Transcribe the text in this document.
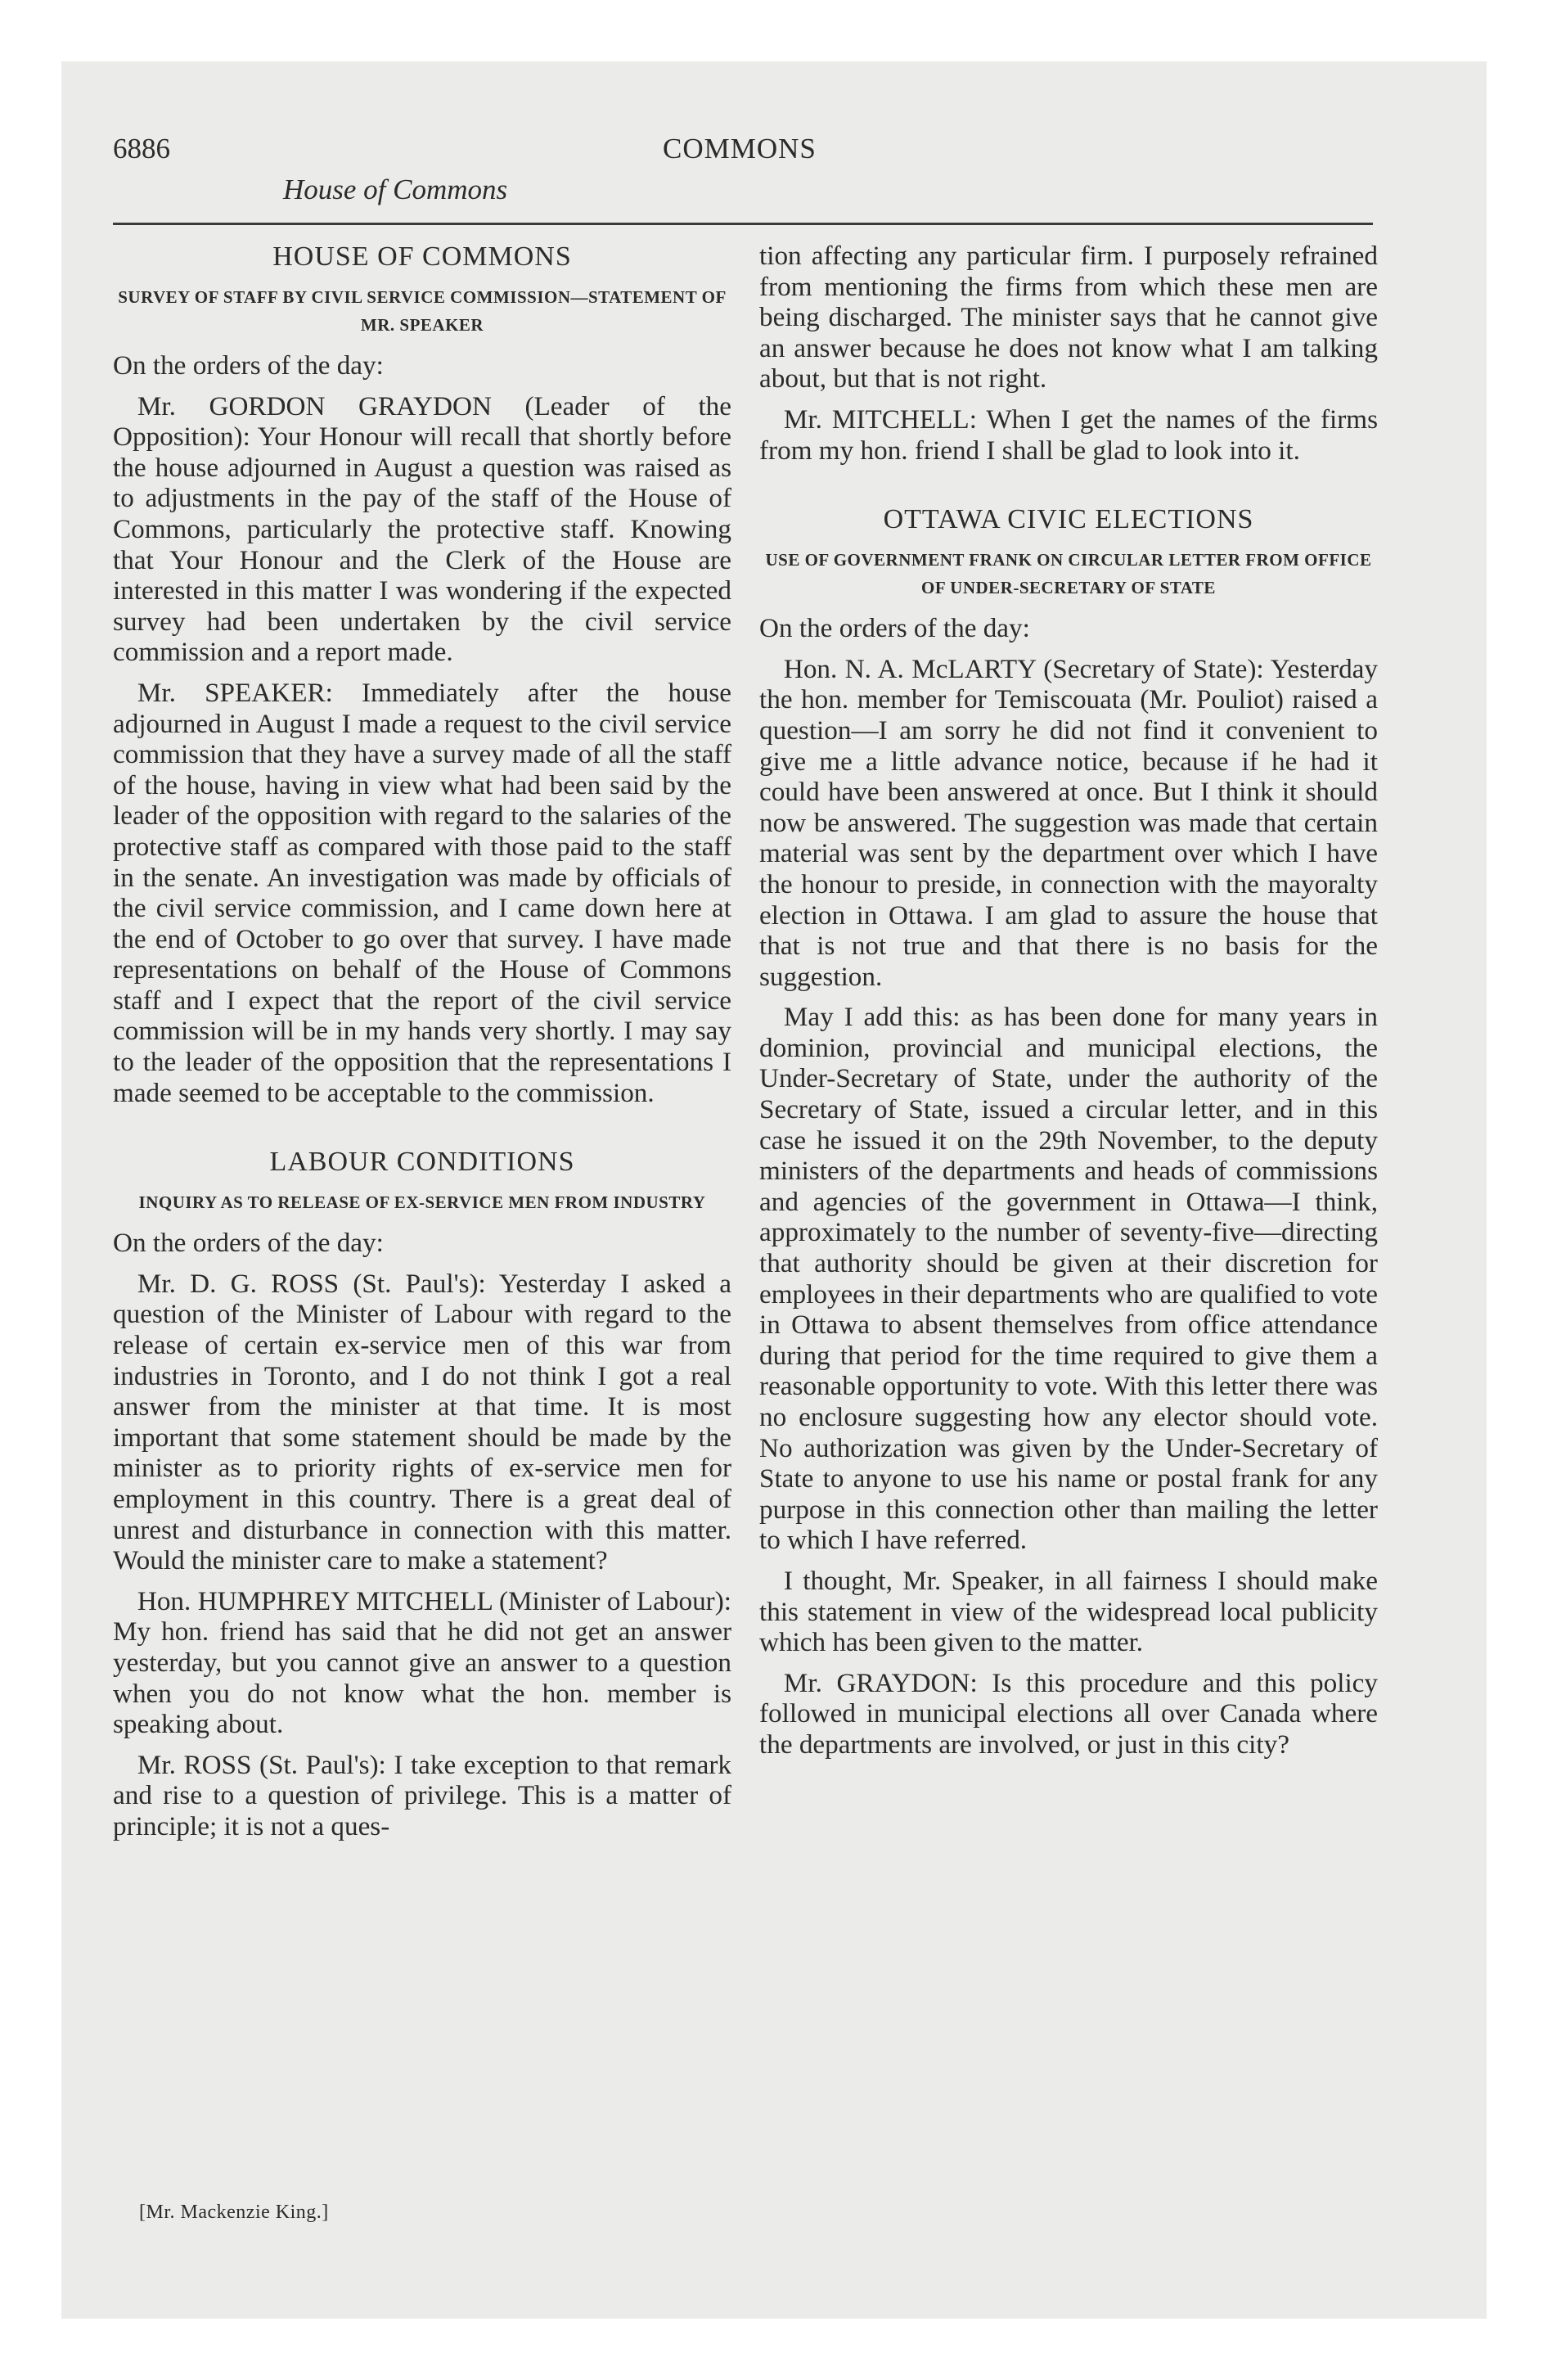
6886
House of Commons
COMMONS
HOUSE OF COMMONS
SURVEY OF STAFF BY CIVIL SERVICE COMMISSION—STATEMENT OF MR. SPEAKER

On the orders of the day:

Mr. GORDON GRAYDON (Leader of the Opposition): Your Honour will recall that shortly before the house adjourned in August a question was raised as to adjustments in the pay of the staff of the House of Commons, particularly the protective staff. Knowing that Your Honour and the Clerk of the House are interested in this matter I was wondering if the expected survey had been undertaken by the civil service commission and a report made.

Mr. SPEAKER: Immediately after the house adjourned in August I made a request to the civil service commission that they have a survey made of all the staff of the house, having in view what had been said by the leader of the opposition with regard to the salaries of the protective staff as compared with those paid to the staff in the senate. An investigation was made by officials of the civil service commission, and I came down here at the end of October to go over that survey. I have made representations on behalf of the House of Commons staff and I expect that the report of the civil service commission will be in my hands very shortly. I may say to the leader of the opposition that the representations I made seemed to be acceptable to the commission.

LABOUR CONDITIONS
INQUIRY AS TO RELEASE OF EX-SERVICE MEN FROM INDUSTRY

On the orders of the day:

Mr. D. G. ROSS (St. Paul's): Yesterday I asked a question of the Minister of Labour with regard to the release of certain ex-service men of this war from industries in Toronto, and I do not think I got a real answer from the minister at that time. It is most important that some statement should be made by the minister as to priority rights of ex-service men for employment in this country. There is a great deal of unrest and disturbance in connection with this matter. Would the minister care to make a statement?

Hon. HUMPHREY MITCHELL (Minister of Labour): My hon. friend has said that he did not get an answer yesterday, but you cannot give an answer to a question when you do not know what the hon. member is speaking about.

Mr. ROSS (St. Paul's): I take exception to that remark and rise to a question of privilege. This is a matter of principle; it is not a ques-

[Mr. Mackenzie King.]

tion affecting any particular firm. I purposely refrained from mentioning the firms from which these men are being discharged. The minister says that he cannot give an answer because he does not know what I am talking about, but that is not right.

Mr. MITCHELL: When I get the names of the firms from my hon. friend I shall be glad to look into it.

OTTAWA CIVIC ELECTIONS
USE OF GOVERNMENT FRANK ON CIRCULAR LETTER FROM OFFICE OF UNDER-SECRETARY OF STATE

On the orders of the day:

Hon. N. A. McLARTY (Secretary of State): Yesterday the hon. member for Temiscouata (Mr. Pouliot) raised a question—I am sorry he did not find it convenient to give me a little advance notice, because if he had it could have been answered at once. But I think it should now be answered. The suggestion was made that certain material was sent by the department over which I have the honour to preside, in connection with the mayoralty election in Ottawa. I am glad to assure the house that that is not true and that there is no basis for the suggestion.

May I add this: as has been done for many years in dominion, provincial and municipal elections, the Under-Secretary of State, under the authority of the Secretary of State, issued a circular letter, and in this case he issued it on the 29th November, to the deputy ministers of the departments and heads of commissions and agencies of the government in Ottawa—I think, approximately to the number of seventy-five—directing that authority should be given at their discretion for employees in their departments who are qualified to vote in Ottawa to absent themselves from office attendance during that period for the time required to give them a reasonable opportunity to vote. With this letter there was no enclosure suggesting how any elector should vote. No authorization was given by the Under-Secretary of State to anyone to use his name or postal frank for any purpose in this connection other than mailing the letter to which I have referred.

I thought, Mr. Speaker, in all fairness I should make this statement in view of the widespread local publicity which has been given to the matter.

Mr. GRAYDON: Is this procedure and this policy followed in municipal elections all over Canada where the departments are involved, or just in this city?
